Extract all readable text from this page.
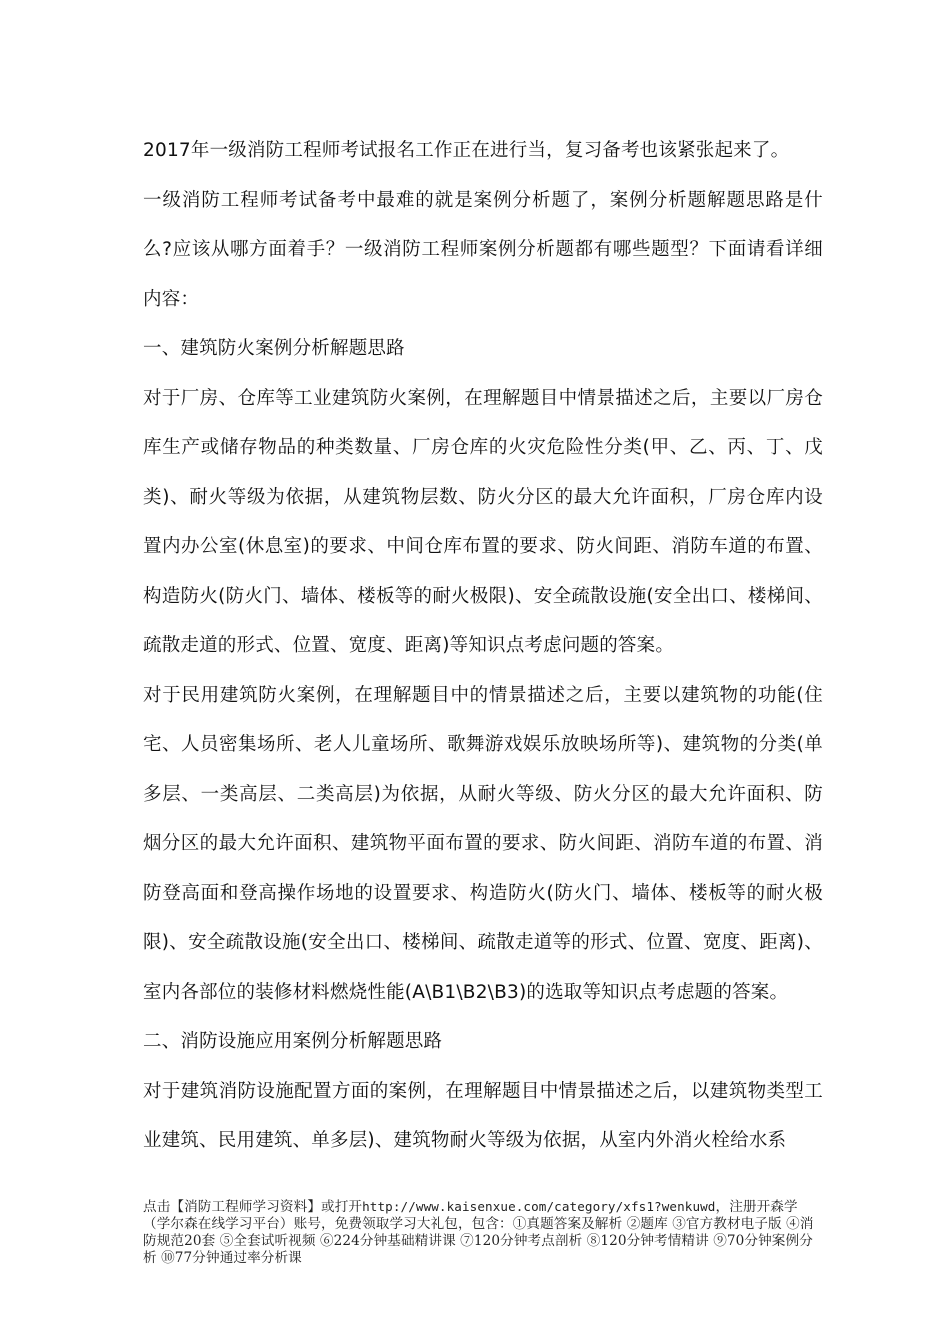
2017年一级消防工程师考试报名工作正在进行当，复习备考也该紧张起来了。

一级消防工程师考试备考中最难的就是案例分析题了，案例分析题解题思路是什么?应该从哪方面着手？一级消防工程师案例分析题都有哪些题型？下面请看详细内容：

一、建筑防火案例分析解题思路

对于厂房、仓库等工业建筑防火案例，在理解题目中情景描述之后，主要以厂房仓库生产或储存物品的种类数量、厂房仓库的火灾危险性分类(甲、乙、丙、丁、戊类)、耐火等级为依据，从建筑物层数、防火分区的最大允许面积，厂房仓库内设置内办公室(休息室)的要求、中间仓库布置的要求、防火间距、消防车道的布置、构造防火(防火门、墙体、楼板等的耐火极限)、安全疏散设施(安全出口、楼梯间、疏散走道的形式、位置、宽度、距离)等知识点考虑问题的答案。

对于民用建筑防火案例，在理解题目中的情景描述之后，主要以建筑物的功能(住宅、人员密集场所、老人儿童场所、歌舞游戏娱乐放映场所等)、建筑物的分类(单多层、一类高层、二类高层)为依据，从耐火等级、防火分区的最大允许面积、防烟分区的最大允许面积、建筑物平面布置的要求、防火间距、消防车道的布置、消防登高面和登高操作场地的设置要求、构造防火(防火门、墙体、楼板等的耐火极限)、安全疏散设施(安全出口、楼梯间、疏散走道等的形式、位置、宽度、距离)、室内各部位的装修材料燃烧性能(A\B1\B2\B3)的选取等知识点考虑题的答案。

二、消防设施应用案例分析解题思路

对于建筑消防设施配置方面的案例，在理解题目中情景描述之后，以建筑物类型工业建筑、民用建筑、单多层)、建筑物耐火等级为依据，从室内外消火栓给水系

点击【消防工程师学习资料】或打开http://www.kaisenxue.com/category/xfs1?wenkuwd，注册开森学（学尔森在线学习平台）账号，免费领取学习大礼包，包含：①真题答案及解析 ②题库 ③官方教材电子版 ④消防规范20套 ⑤全套试听视频 ⑥224分钟基础精讲课 ⑦120分钟考点剖析 ⑧120分钟考情精讲 ⑨70分钟案例分析 ⑩77分钟通过率分析课
